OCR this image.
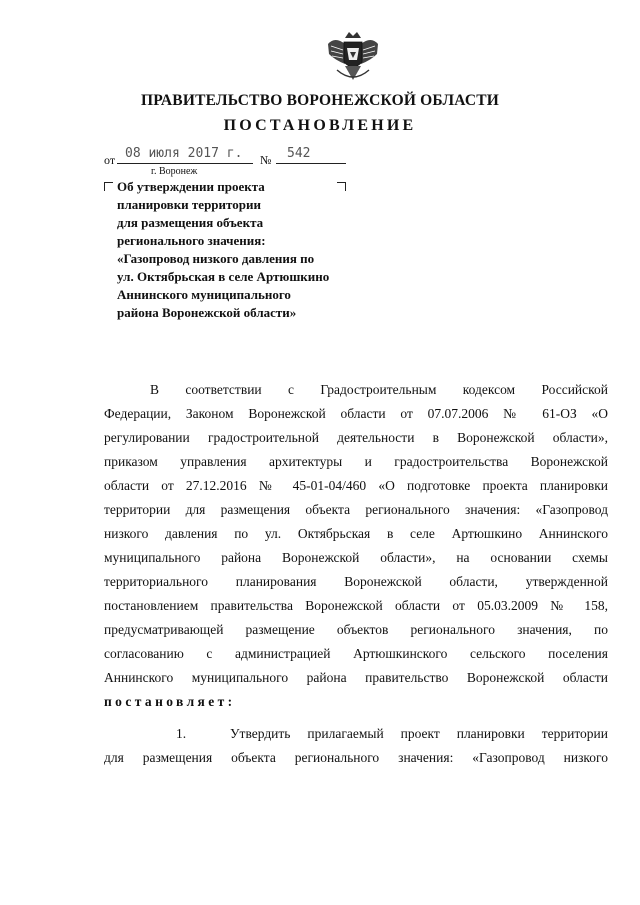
ПРАВИТЕЛЬСТВО ВОРОНЕЖСКОЙ ОБЛАСТИ
ПОСТАНОВЛЕНИЕ
от 08 июля 2017 г. № 542
г. Воронеж
Об утверждении проекта
планировки территории
для размещения объекта
регионального значения:
«Газопровод низкого давления по
ул. Октябрьская в селе Артюшкино
Аннинского муниципального
района Воронежской области»
В соответствии с Градостроительным кодексом Российской
Федерации, Законом Воронежской области от 07.07.2006 № 61-ОЗ «О
регулировании градостроительной деятельности в Воронежской области»,
приказом управления архитектуры и градостроительства Воронежской
области от 27.12.2016 № 45-01-04/460 «О подготовке проекта планировки
территории для размещения объекта регионального значения: «Газопровод
низкого давления по ул. Октябрьская в селе Артюшкино Аннинского
муниципального района Воронежской области», на основании схемы
территориального планирования Воронежской области, утвержденной
постановлением правительства Воронежской области от 05.03.2009 № 158,
предусматривающей размещение объектов регионального значения, по
согласованию с администрацией Артюшкинского сельского поселения
Аннинского муниципального района правительство Воронежской области
постановляет:
1.	Утвердить прилагаемый проект планировки территории
для размещения объекта регионального значения: «Газопровод низкого
